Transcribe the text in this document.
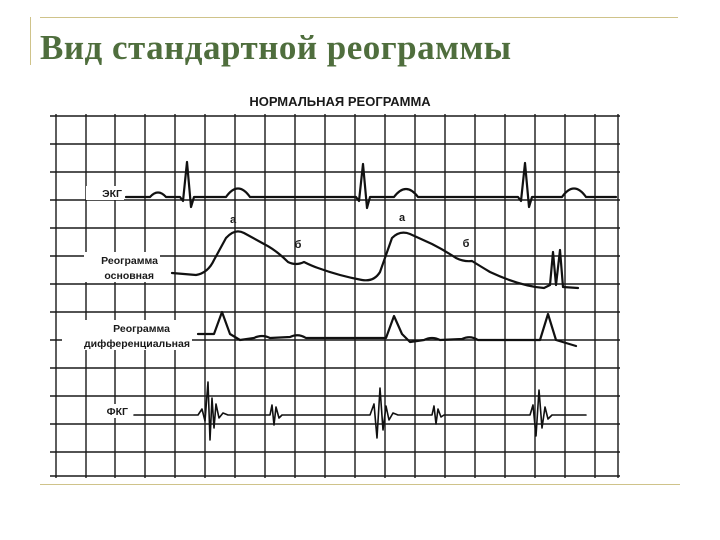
Вид стандартной реограммы
НОРМАЛЬНАЯ РЕОГРАММА
ЭКГ
Реограмма
основная
Реограмма
дифференциальная
ФКГ
а	а
б	б
